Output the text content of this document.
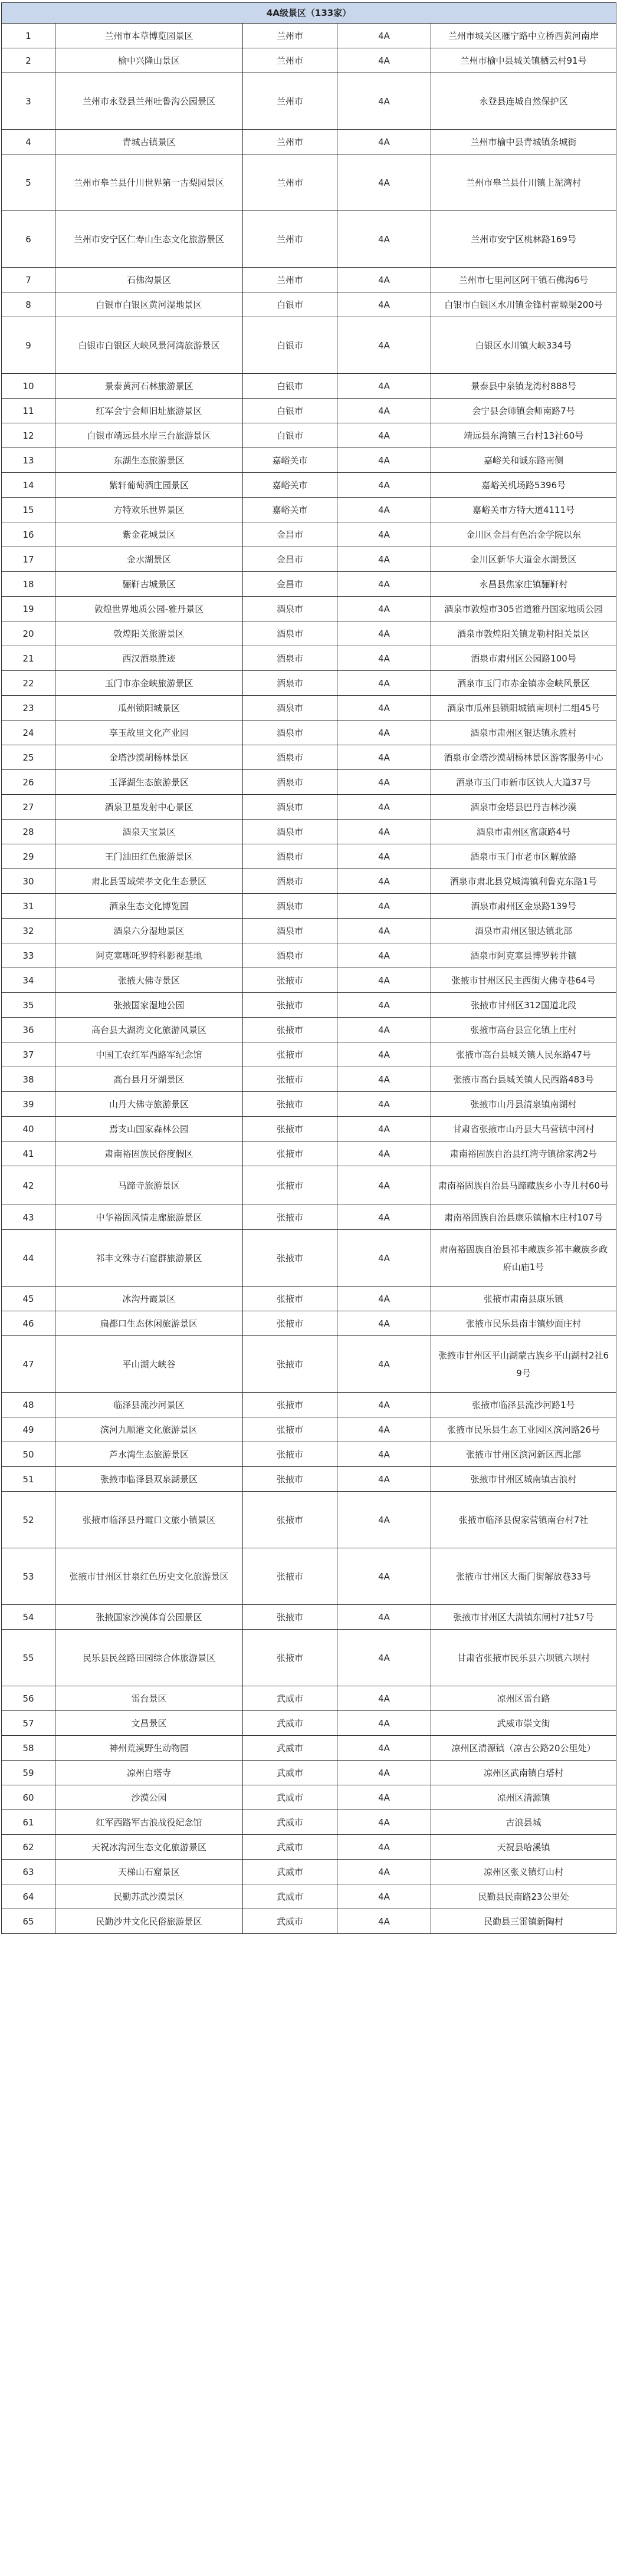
4A级景区（133家）				
1	兰州市本草博览园景区	兰州市	4A	兰州市城关区雁宁路中立桥西黄河南岸
2	榆中兴隆山景区	兰州市	4A	兰州市榆中县城关镇栖云村91号
3	兰州市永登县兰州吐鲁沟公园景区	兰州市	4A	永登县连城自然保护区
4	青城古镇景区	兰州市	4A	兰州市榆中县青城镇条城街
5	兰州市皋兰县什川世界第一古梨园景区	兰州市	4A	兰州市皋兰县什川镇上泥湾村
6	兰州市安宁区仁寿山生态文化旅游景区	兰州市	4A	兰州市安宁区桃林路169号
7	石佛沟景区	兰州市	4A	兰州市七里河区阿干镇石佛沟6号
8	白银市白银区黄河湿地景区	白银市	4A	白银市白银区水川镇金锋村霍塬渠200号
9	白银市白银区大峡风景河湾旅游景区	白银市	4A	白银区水川镇大峡334号
10	景泰黄河石林旅游景区	白银市	4A	景泰县中泉镇龙湾村888号
11	红军会宁会师旧址旅游景区	白银市	4A	会宁县会师镇会师南路7号
12	白银市靖远县水岸三台旅游景区	白银市	4A	靖远县东湾镇三台村13社60号
13	东湖生态旅游景区	嘉峪关市	4A	嘉峪关和诚东路南侧
14	紫轩葡萄酒庄园景区	嘉峪关市	4A	嘉峪关机场路5396号
15	方特欢乐世界景区	嘉峪关市	4A	嘉峪关市方特大道4111号
16	紫金花城景区	金昌市	4A	金川区金昌有色冶金学院以东
17	金水湖景区	金昌市	4A	金川区新华大道金水湖景区
18	骊靬古城景区	金昌市	4A	永昌县焦家庄镇骊靬村
19	敦煌世界地质公园-雅丹景区	酒泉市	4A	酒泉市敦煌市305省道雅丹国家地质公园
20	敦煌阳关旅游景区	酒泉市	4A	酒泉市敦煌阳关镇龙勒村阳关景区
21	西汉酒泉胜迹	酒泉市	4A	酒泉市肃州区公园路100号
22	玉门市赤金峡旅游景区	酒泉市	4A	酒泉市玉门市赤金镇赤金峡风景区
23	瓜州锁阳城景区	酒泉市	4A	酒泉市瓜州县锁阳城镇南坝村二组45号
24	享玉故里文化产业园	酒泉市	4A	酒泉市肃州区银达镇永胜村
25	金塔沙漠胡杨林景区	酒泉市	4A	酒泉市金塔沙漠胡杨林景区游客服务中心
26	玉泽湖生态旅游景区	酒泉市	4A	酒泉市玉门市新市区铁人大道37号
27	酒泉卫星发射中心景区	酒泉市	4A	酒泉市金塔县巴丹吉林沙漠
28	酒泉天宝景区	酒泉市	4A	酒泉市肃州区富康路4号
29	王门油田红色旅游景区	酒泉市	4A	酒泉市玉门市老市区解放路
30	肃北县雪域荣孝文化生态景区	酒泉市	4A	酒泉市肃北县党城湾镇利鲁克东路1号
31	酒泉生态文化博览园	酒泉市	4A	酒泉市肃州区金泉路139号
32	酒泉六分湿地景区	酒泉市	4A	酒泉市肃州区银达镇北部
33	阿克塞哪吒罗特科影视基地	酒泉市	4A	酒泉市阿克塞县博罗转井镇
34	张掖大佛寺景区	张掖市	4A	张掖市甘州区民主西街大佛寺巷64号
35	张掖国家湿地公园	张掖市	4A	张掖市甘州区312国道北段
36	高台县大湖湾文化旅游风景区	张掖市	4A	张掖市高台县宣化镇上庄村
37	中国工农红军西路军纪念馆	张掖市	4A	张掖市高台县城关镇人民东路47号
38	高台县月牙湖景区	张掖市	4A	张掖市高台县城关镇人民西路483号
39	山丹大佛寺旅游景区	张掖市	4A	张掖市山丹县清泉镇南湖村
40	焉支山国家森林公园	张掖市	4A	甘肃省张掖市山丹县大马营镇中河村
41	肃南裕固族民俗度假区	张掖市	4A	肃南裕固族自治县红湾寺镇徐家湾2号
42	马蹄寺旅游景区	张掖市	4A	肃南裕固族自治县马蹄藏族乡小寺儿村60号
43	中华裕固风情走廊旅游景区	张掖市	4A	肃南裕固族自治县康乐镇榆木庄村107号
44	祁丰文殊寺石窟群旅游景区	张掖市	4A	肃南裕固族自治县祁丰藏族乡祁丰藏族乡政府山庙1号
45	冰沟丹霞景区	张掖市	4A	张掖市肃南县康乐镇
46	扁都口生态休闲旅游景区	张掖市	4A	张掖市民乐县南丰镇炒面庄村
47	平山湖大峡谷	张掖市	4A	张掖市甘州区平山湖蒙古族乡平山湖村2社69号
48	临泽县流沙河景区	张掖市	4A	张掖市临泽县流沙河路1号
49	滨河九顺港文化旅游景区	张掖市	4A	张掖市民乐县生态工业园区滨河路26号
50	芦水湾生态旅游景区	张掖市	4A	张掖市甘州区滨河新区西北部
51	张掖市临泽县双泉湖景区	张掖市	4A	张掖市甘州区城南镇古浪村
52	张掖市临泽县丹霞口文旅小镇景区	张掖市	4A	张掖市临泽县倪家营镇南台村7社
53	张掖市甘州区甘泉红色历史文化旅游景区	张掖市	4A	张掖市甘州区大衙门街解放巷33号
54	张掖国家沙漠体育公园景区	张掖市	4A	张掖市甘州区大满镇东闸村7社57号
55	民乐县民丝路田园综合体旅游景区	张掖市	4A	甘肃省张掖市民乐县六坝镇六坝村
56	雷台景区	武威市	4A	凉州区雷台路
57	文昌景区	武威市	4A	武威市崇文街
58	神州荒漠野生动物园	武威市	4A	凉州区清源镇（凉古公路20公里处）
59	凉州白塔寺	武威市	4A	凉州区武南镇白塔村
60	沙漠公园	武威市	4A	凉州区清源镇
61	红军西路军古浪战役纪念馆	武威市	4A	古浪县城
62	天祝冰沟河生态文化旅游景区	武威市	4A	天祝县哈溪镇
63	天梯山石窟景区	武威市	4A	凉州区张义镇灯山村
64	民勤苏武沙漠景区	武威市	4A	民勤县民南路23公里处
65	民勤沙井文化民俗旅游景区	武威市	4A	民勤县三雷镇新陶村
